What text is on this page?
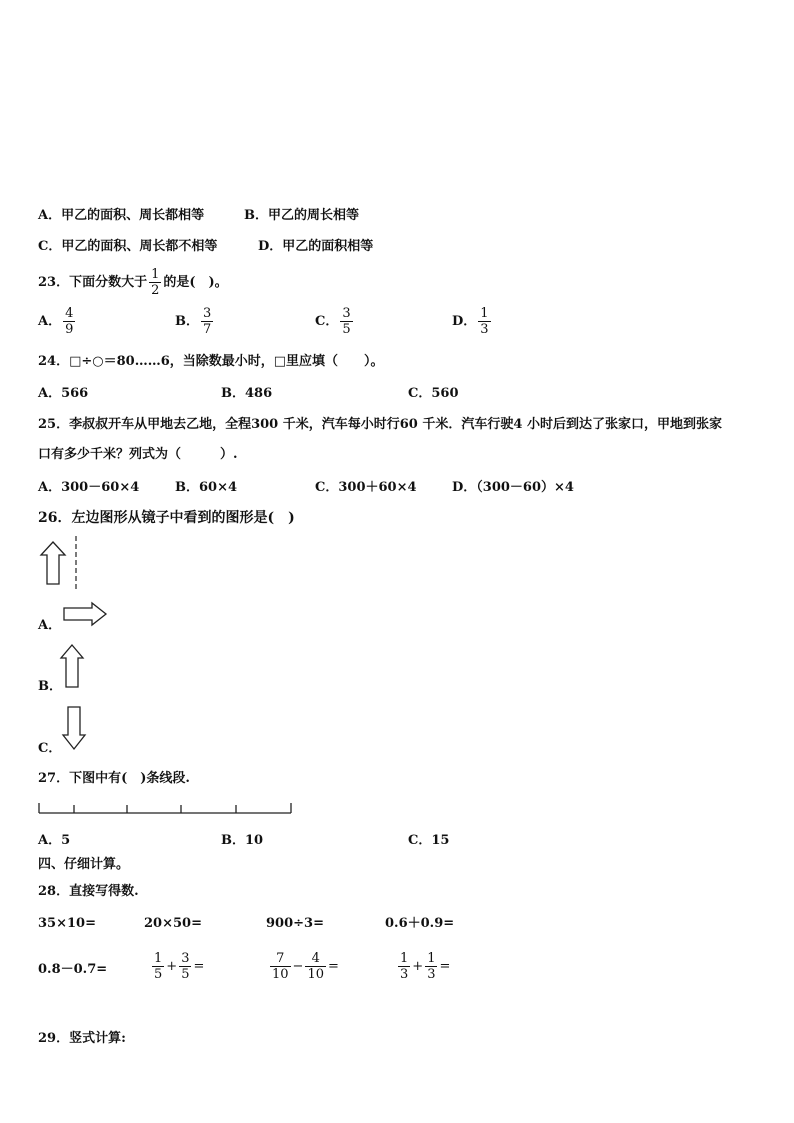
A．甲乙的面积、周长都相等	B．甲乙的周长相等
C．甲乙的面积、周长都不相等	D．甲乙的面积相等
23．下面分数大于 $\frac{1}{2}$ 的是(　)。
A． $\frac{4}{9}$	B． $\frac{3}{7}$	C． $\frac{3}{5}$	D． $\frac{1}{3}$
24．□÷○＝80……6，当除数最小时，□里应填（　　）。
A．566	B．486	C．560
25．李叔叔开车从甲地去乙地，全程300 千米，汽车每小时行60 千米．汽车行驶4 小时后到达了张家口，甲地到张家
口有多少千米？列式为（　　　）.
A．300－60×4	B．60×4	C．300＋60×4	D．（300－60）×4
26．左边图形从镜子中看到的图形是(　)
A．
B．
C．
27．下图中有(　)条线段.
A．5	B．10	C．15
四、仔细计算。
28．直接写得数.
35×10=	20×50=	900÷3=	0.6＋0.9=
0.8－0.7=	$\frac{1}{5} + \frac{3}{5}$ =	$\frac{7}{10} - \frac{4}{10}$ =	$\frac{1}{3} + \frac{1}{3}$ =
29．竖式计算:
